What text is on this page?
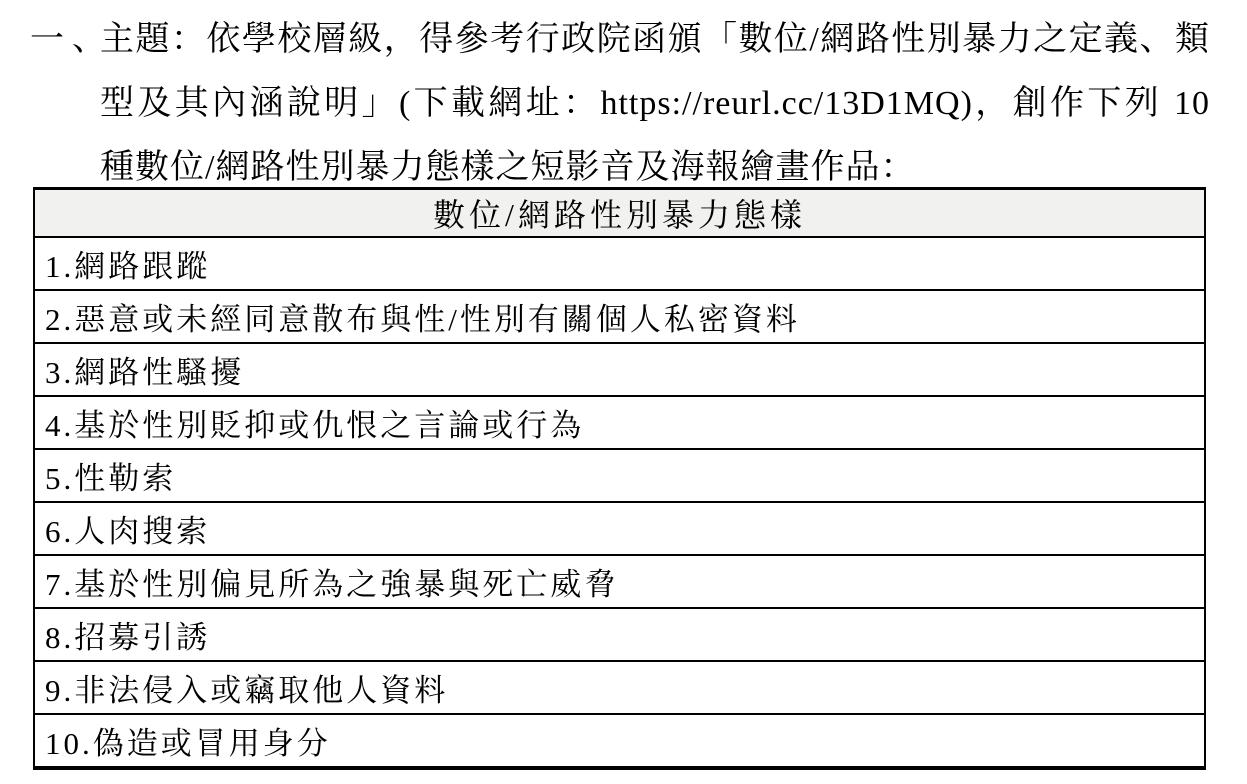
一、
主題：依學校層級，得參考行政院函頒「數位/網路性別暴力之定義、類
型及其內涵說明」(下載網址：https://reurl.cc/13D1MQ)，創作下列 10
種數位/網路性別暴力態樣之短影音及海報繪畫作品：
數位/網路性別暴力態樣
1.網路跟蹤
2.惡意或未經同意散布與性/性別有關個人私密資料
3.網路性騷擾
4.基於性別貶抑或仇恨之言論或行為
5.性勒索
6.人肉搜索
7.基於性別偏見所為之強暴與死亡威脅
8.招募引誘
9.非法侵入或竊取他人資料
10.偽造或冒用身分
